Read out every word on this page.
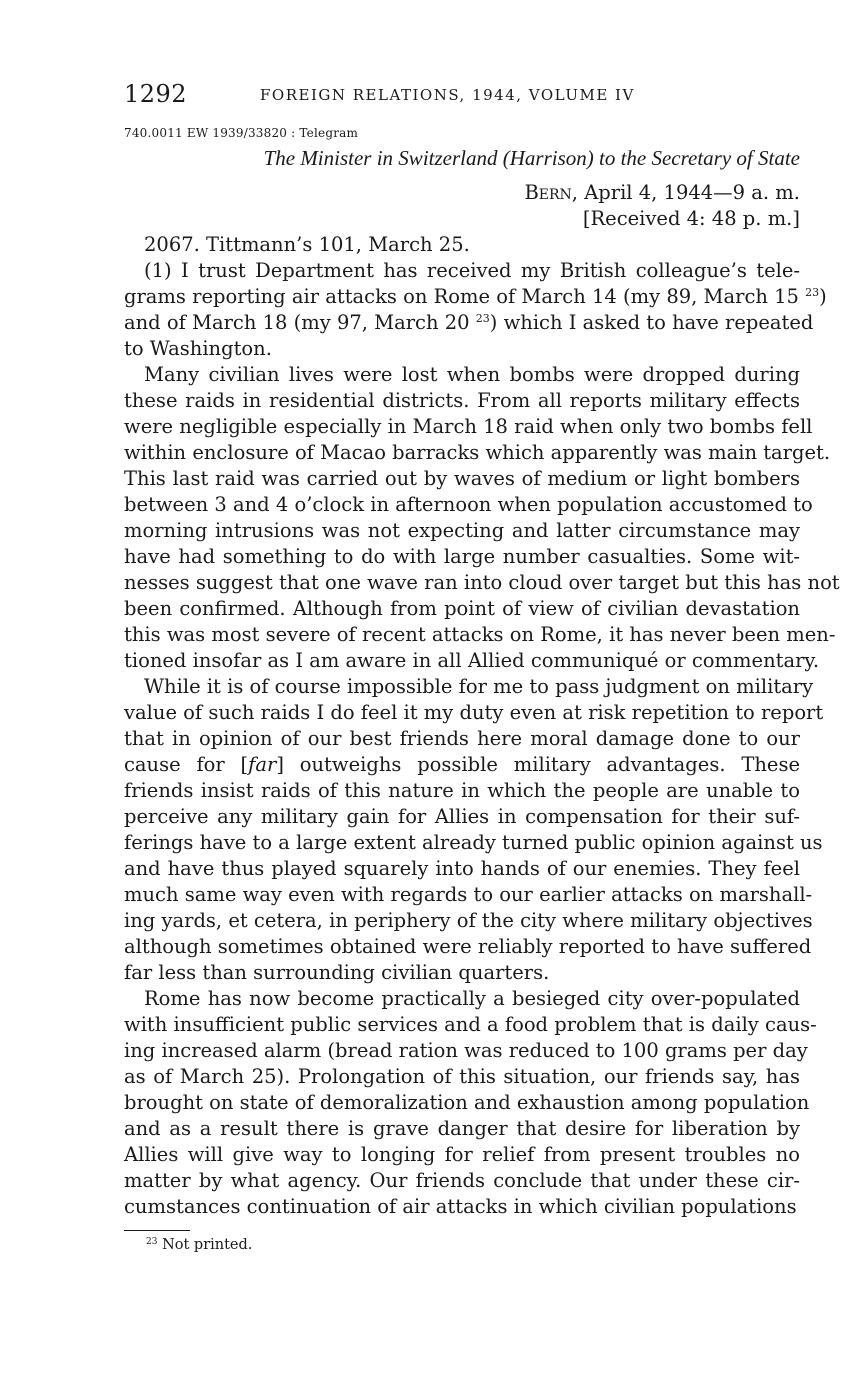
1292	FOREIGN RELATIONS, 1944, VOLUME IV
740.0011 EW 1939/33820 : Telegram
The Minister in Switzerland (Harrison) to the Secretary of State
Bern, April 4, 1944—9 a. m.
[Received 4: 48 p. m.]

2067. Tittmann’s 101, March 25.

(1) I trust Department has received my British colleague’s tele-
grams reporting air attacks on Rome of March 14 (my 89, March 15 $^{23}$)
and of March 18 (my 97, March 20 $^{23}$) which I asked to have repeated
to Washington.
Many civilian lives were lost when bombs were dropped during
these raids in residential districts. From all reports military effects
were negligible especially in March 18 raid when only two bombs fell
within enclosure of Macao barracks which apparently was main target.
This last raid was carried out by waves of medium or light bombers
between 3 and 4 o’clock in afternoon when population accustomed to
morning intrusions was not expecting and latter circumstance may
have had something to do with large number casualties. Some wit-
nesses suggest that one wave ran into cloud over target but this has not
been confirmed. Although from point of view of civilian devastation
this was most severe of recent attacks on Rome, it has never been men-
tioned insofar as I am aware in all Allied communiqué or commentary.
While it is of course impossible for me to pass judgment on military
value of such raids I do feel it my duty even at risk repetition to report
that in opinion of our best friends here moral damage done to our
cause for [far] outweighs possible military advantages. These
friends insist raids of this nature in which the people are unable to
perceive any military gain for Allies in compensation for their suf-
ferings have to a large extent already turned public opinion against us
and have thus played squarely into hands of our enemies. They feel
much same way even with regards to our earlier attacks on marshall-
ing yards, et cetera, in periphery of the city where military objectives
although sometimes obtained were reliably reported to have suffered
far less than surrounding civilian quarters.
Rome has now become practically a besieged city over-populated
with insufficient public services and a food problem that is daily caus-
ing increased alarm (bread ration was reduced to 100 grams per day
as of March 25). Prolongation of this situation, our friends say, has
brought on state of demoralization and exhaustion among population
and as a result there is grave danger that desire for liberation by
Allies will give way to longing for relief from present troubles no
matter by what agency. Our friends conclude that under these cir-
cumstances continuation of air attacks in which civilian populations
$^{23}$ Not printed.
